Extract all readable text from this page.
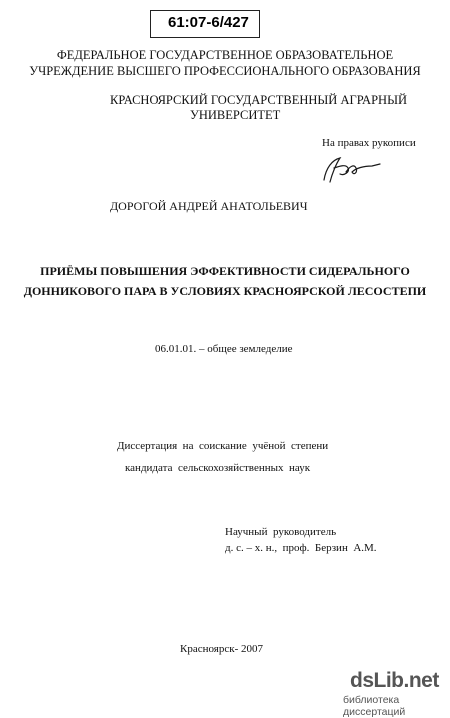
61:07-6/427
ФЕДЕРАЛЬНОЕ ГОСУДАРСТВЕННОЕ ОБРАЗОВАТЕЛЬНОЕ
УЧРЕЖДЕНИЕ ВЫСШЕГО ПРОФЕССИОНАЛЬНОГО ОБРАЗОВАНИЯ
КРАСНОЯРСКИЙ ГОСУДАРСТВЕННЫЙ АГРАРНЫЙ
УНИВЕРСИТЕТ
На правах рукописи
ДОРОГОЙ АНДРЕЙ АНАТОЛЬЕВИЧ
ПРИЁМЫ ПОВЫШЕНИЯ ЭФФЕКТИВНОСТИ СИДЕРАЛЬНОГО
ДОННИКОВОГО ПАРА В УСЛОВИЯХ КРАСНОЯРСКОЙ ЛЕСОСТЕПИ
06.01.01. – общее земледелие
Диссертация  на  соискание  учёной  степени
кандидата  сельскохозяйственных  наук
Научный  руководитель
д. с. – х. н.,  проф.  Берзин  А.М.
Красноярск- 2007
dsLib.net
библиотека диссертаций
